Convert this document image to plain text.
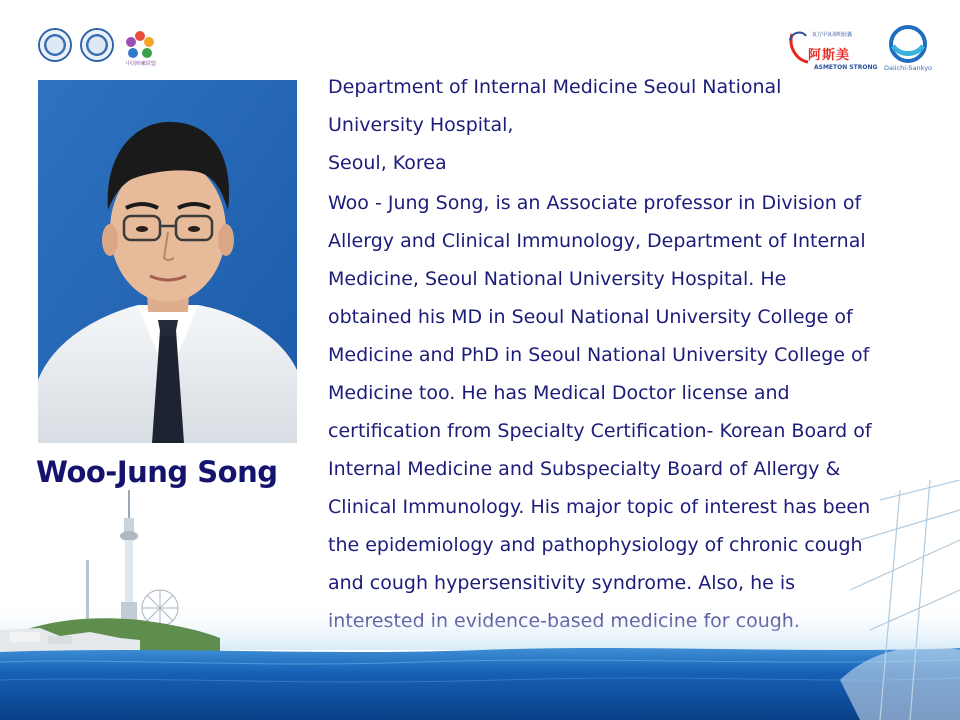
中国咳嗽联盟
复方甲氧那明胶囊
阿斯美
ASMETON STRONG	Daiichi-Sankyo
Woo-Jung Song

Department of Internal Medicine Seoul National

University Hospital,

Seoul, Korea

Woo - Jung Song, is an Associate professor in Division of
Allergy and Clinical Immunology, Department of Internal
Medicine, Seoul National University Hospital. He
obtained his MD in Seoul National University College of
Medicine and PhD in Seoul National University College of
Medicine too. He has Medical Doctor license and
certification from Specialty Certification- Korean Board of
Internal Medicine and Subspecialty Board of Allergy &
Clinical Immunology. His major topic of interest has been
the epidemiology and pathophysiology of chronic cough
and cough hypersensitivity syndrome. Also, he is
